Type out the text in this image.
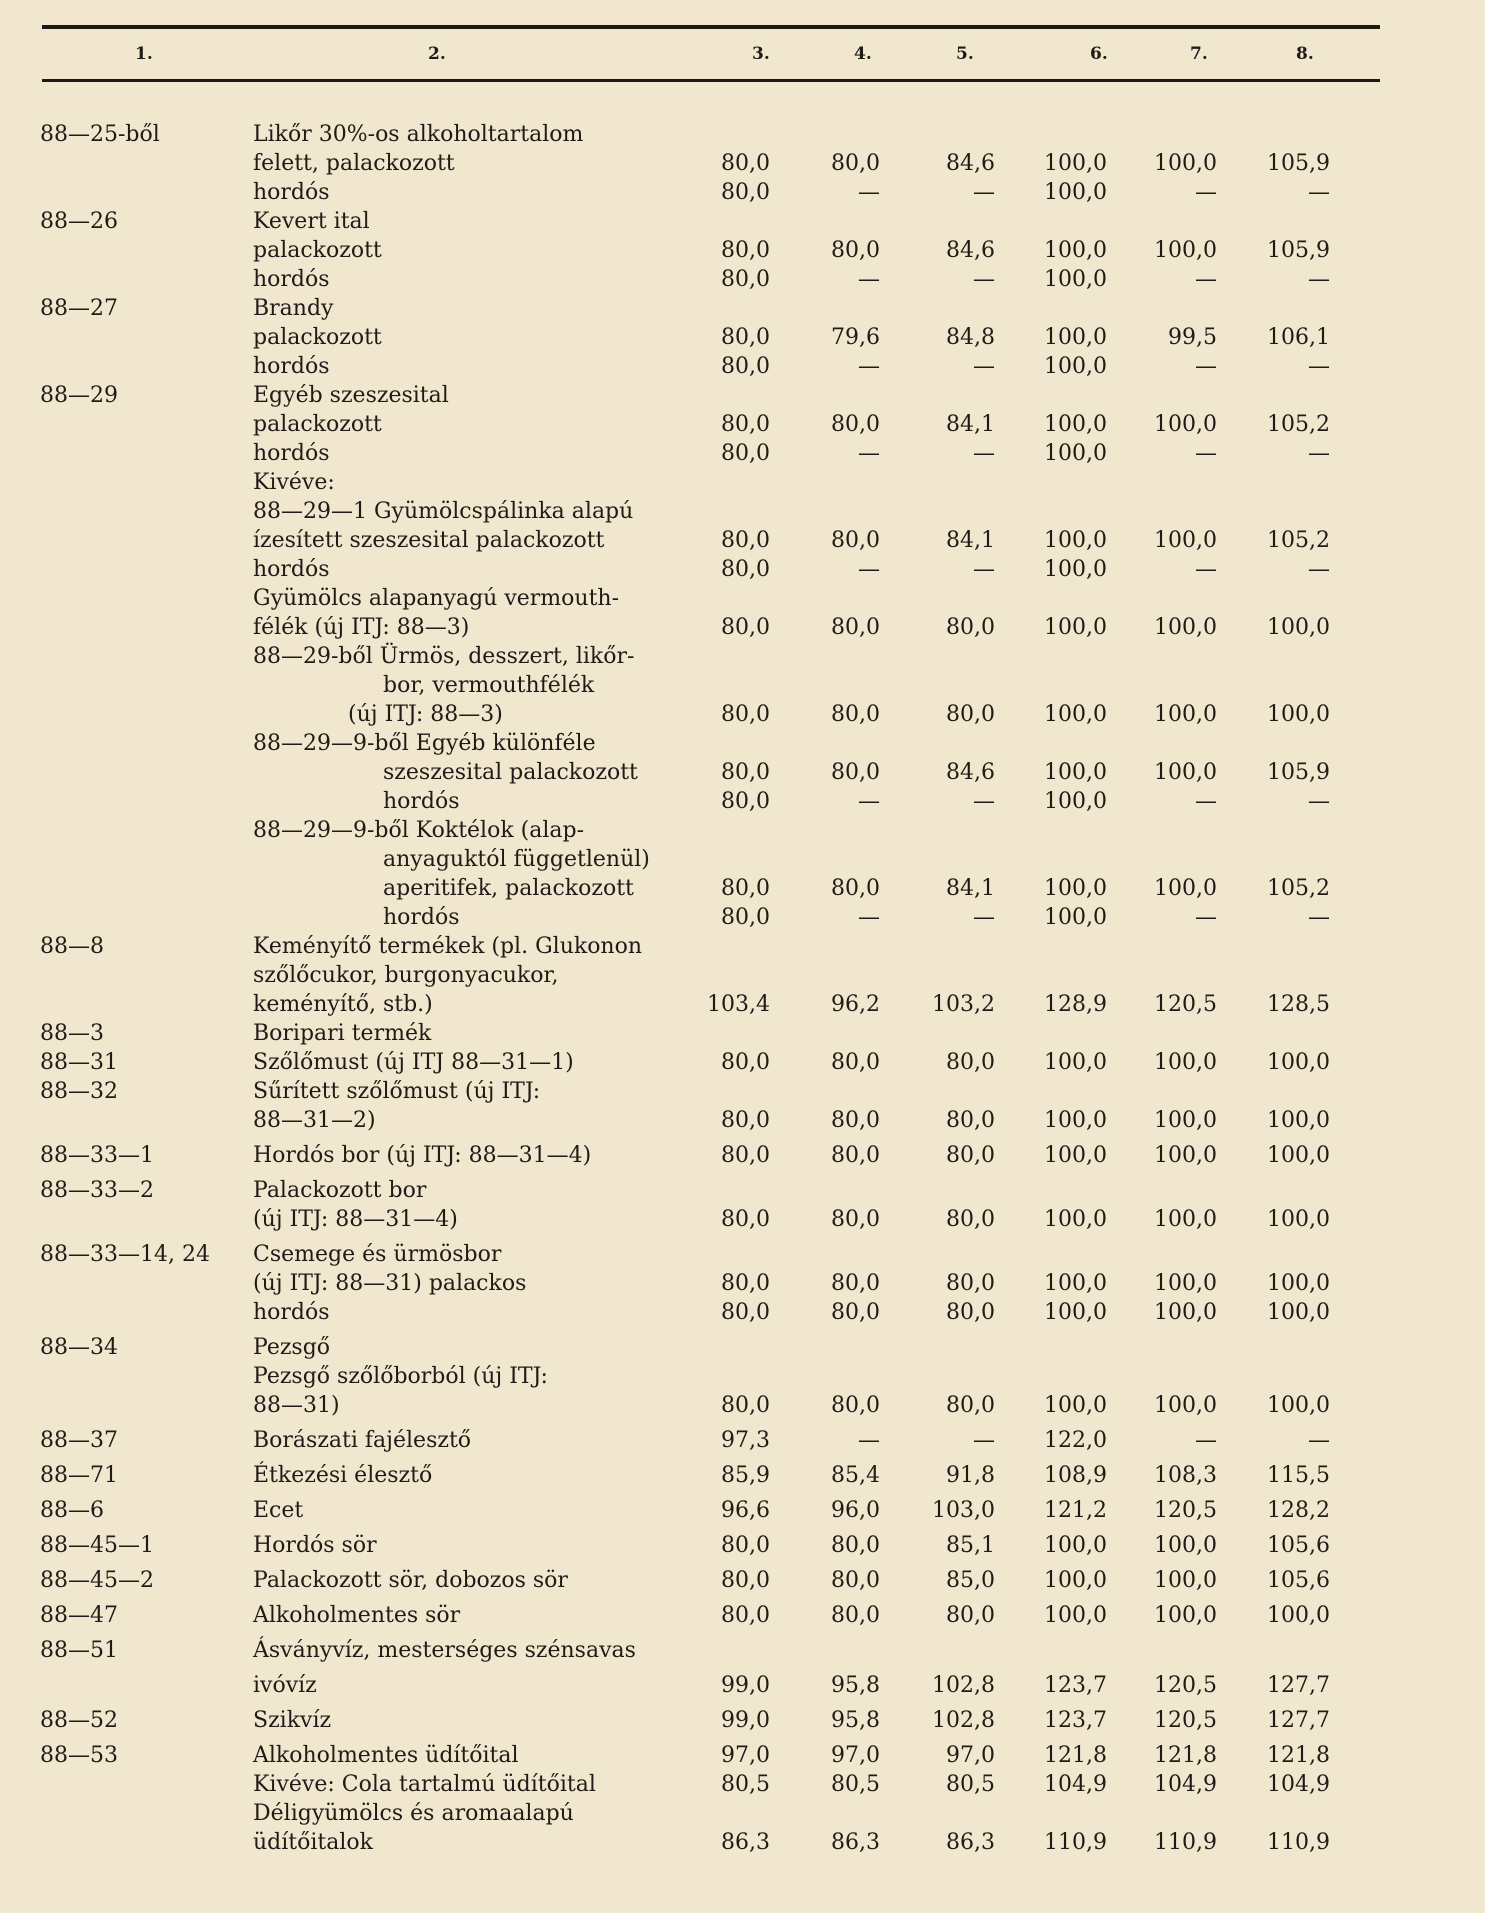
1.	2.	3.	4.	5.	6.	7.	8.
88—25-ből	Likőr 30%-os alkoholtartalom
felett, palackozott	80,0	80,0	84,6	100,0	100,0	105,9
hordós	80,0	—	—	100,0	—	—
88—26	Kevert ital
palackozott	80,0	80,0	84,6	100,0	100,0	105,9
hordós	80,0	—	—	100,0	—	—
88—27	Brandy
palackozott	80,0	79,6	84,8	100,0	99,5	106,1
hordós	80,0	—	—	100,0	—	—
88—29	Egyéb szeszesital
palackozott	80,0	80,0	84,1	100,0	100,0	105,2
hordós	80,0	—	—	100,0	—	—
Kivéve:
88—29—1 Gyümölcspálinka alapú
ízesített szeszesital palackozott	80,0	80,0	84,1	100,0	100,0	105,2
hordós	80,0	—	—	100,0	—	—
Gyümölcs alapanyagú vermouth-
félék (új ITJ: 88—3)	80,0	80,0	80,0	100,0	100,0	100,0
88—29-ből Ürmös, desszert, likőr-
bor, vermouthfélék
(új ITJ: 88—3)	80,0	80,0	80,0	100,0	100,0	100,0
88—29—9-ből Egyéb különféle
szeszesital palackozott	80,0	80,0	84,6	100,0	100,0	105,9
hordós	80,0	—	—	100,0	—	—
88—29—9-ből Koktélok (alap-
anyaguktól függetlenül)
aperitifek, palackozott	80,0	80,0	84,1	100,0	100,0	105,2
hordós	80,0	—	—	100,0	—	—
88—8	Keményítő termékek (pl. Glukonon
szőlőcukor, burgonyacukor,
keményítő, stb.)	103,4	96,2	103,2	128,9	120,5	128,5
88—3	Boripari termék
88—31	Szőlőmust (új ITJ 88—31—1)	80,0	80,0	80,0	100,0	100,0	100,0
88—32	Sűrített szőlőmust (új ITJ:
88—31—2)	80,0	80,0	80,0	100,0	100,0	100,0
88—33—1	Hordós bor (új ITJ: 88—31—4)	80,0	80,0	80,0	100,0	100,0	100,0
88—33—2	Palackozott bor
(új ITJ: 88—31—4)	80,0	80,0	80,0	100,0	100,0	100,0
88—33—14, 24 Csemege és ürmösbor
(új ITJ: 88—31) palackos	80,0	80,0	80,0	100,0	100,0	100,0
hordós	80,0	80,0	80,0	100,0	100,0	100,0
88—34	Pezsgő
Pezsgő szőlőborból (új ITJ:
88—31)	80,0	80,0	80,0	100,0	100,0	100,0
88—37	Borászati fajélesztő	97,3	—	—	122,0	—	—
88—71	Étkezési élesztő	85,9	85,4	91,8	108,9	108,3	115,5
88—6	Ecet	96,6	96,0	103,0	121,2	120,5	128,2
88—45—1	Hordós sör	80,0	80,0	85,1	100,0	100,0	105,6
88—45—2	Palackozott sör, dobozos sör	80,0	80,0	85,0	100,0	100,0	105,6
88—47	Alkoholmentes sör	80,0	80,0	80,0	100,0	100,0	100,0
88—51	Ásványvíz, mesterséges szénsavas
ivóvíz	99,0	95,8	102,8	123,7	120,5	127,7
88—52	Szikvíz	99,0	95,8	102,8	123,7	120,5	127,7
88—53	Alkoholmentes üdítőital	97,0	97,0	97,0	121,8	121,8	121,8
Kivéve: Cola tartalmú üdítőital	80,5	80,5	80,5	104,9	104,9	104,9
Déligyümölcs és aromaalapú
üdítőitalok	86,3	86,3	86,3	110,9	110,9	110,9
